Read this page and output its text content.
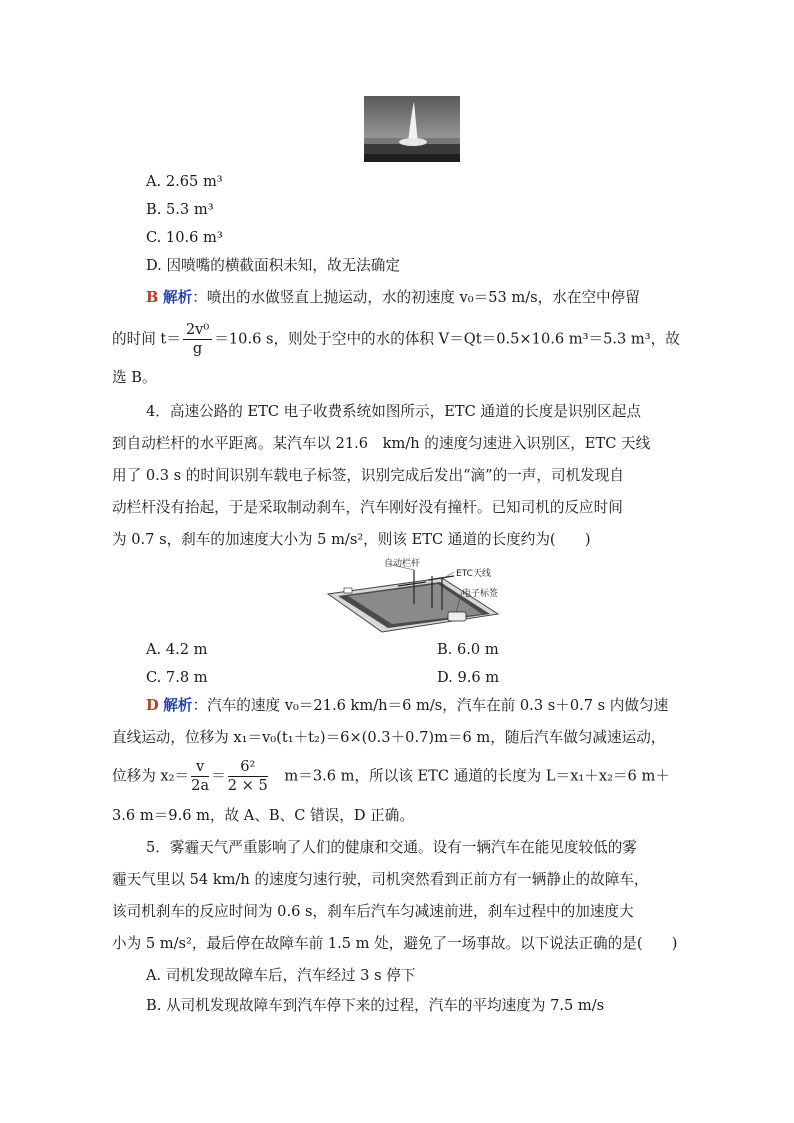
A. 2.65 m³
B. 5.3 m³
C. 10.6 m³
D. 因喷嘴的横截面积未知，故无法确定
B 解析：喷出的水做竖直上抛运动，水的初速度 v₀＝53 m/s，水在空中停留
的时间 $t= \frac{\text{2v⁰}}{g} =10.6$ s，则处于空中的水的体积 V＝Qt＝0.5×10.6 m³＝5.3 m³，故
选 B。
4．高速公路的 ETC 电子收费系统如图所示，ETC 通道的长度是识别区起点
到自动栏杆的水平距离。某汽车以 21.6　km/h 的速度匀速进入识别区，ETC 天线
用了 0.3 s 的时间识别车载电子标签，识别完成后发出“滴”的一声，司机发现自
动栏杆没有抬起，于是采取制动刹车，汽车刚好没有撞杆。已知司机的反应时间
为 0.7 s，刹车的加速度大小为 5 m/s²，则该 ETC 通道的长度约为(　　)
自动栏杆
ETC天线
电子标签
A. 4.2 m	B. 6.0 m
C. 7.8 m	D. 9.6 m
D 解析：汽车的速度 v₀＝21.6 km/h＝6 m/s，汽车在前 0.3 s＋0.7 s 内做匀速
直线运动，位移为 x₁＝v₀(t₁＋t₂)＝6×(0.3＋0.7)m＝6 m，随后汽车做匀减速运动，
位移为 $x_2= \frac{v}{2a} = \frac{\text{6²}}{2 \times 5}$ 　m＝3.6 m，所以该 ETC 通道的长度为 L＝x₁＋x₂＝6 m＋
3.6 m＝9.6 m，故 A、B、C 错误，D 正确。
5．雾霾天气严重影响了人们的健康和交通。设有一辆汽车在能见度较低的雾
霾天气里以 54 km/h 的速度匀速行驶，司机突然看到正前方有一辆静止的故障车，
该司机刹车的反应时间为 0.6 s，刹车后汽车匀减速前进，刹车过程中的加速度大
小为 5 m/s²，最后停在故障车前 1.5 m 处，避免了一场事故。以下说法正确的是(　　)
A. 司机发现故障车后，汽车经过 3 s 停下
B. 从司机发现故障车到汽车停下来的过程，汽车的平均速度为 7.5 m/s
